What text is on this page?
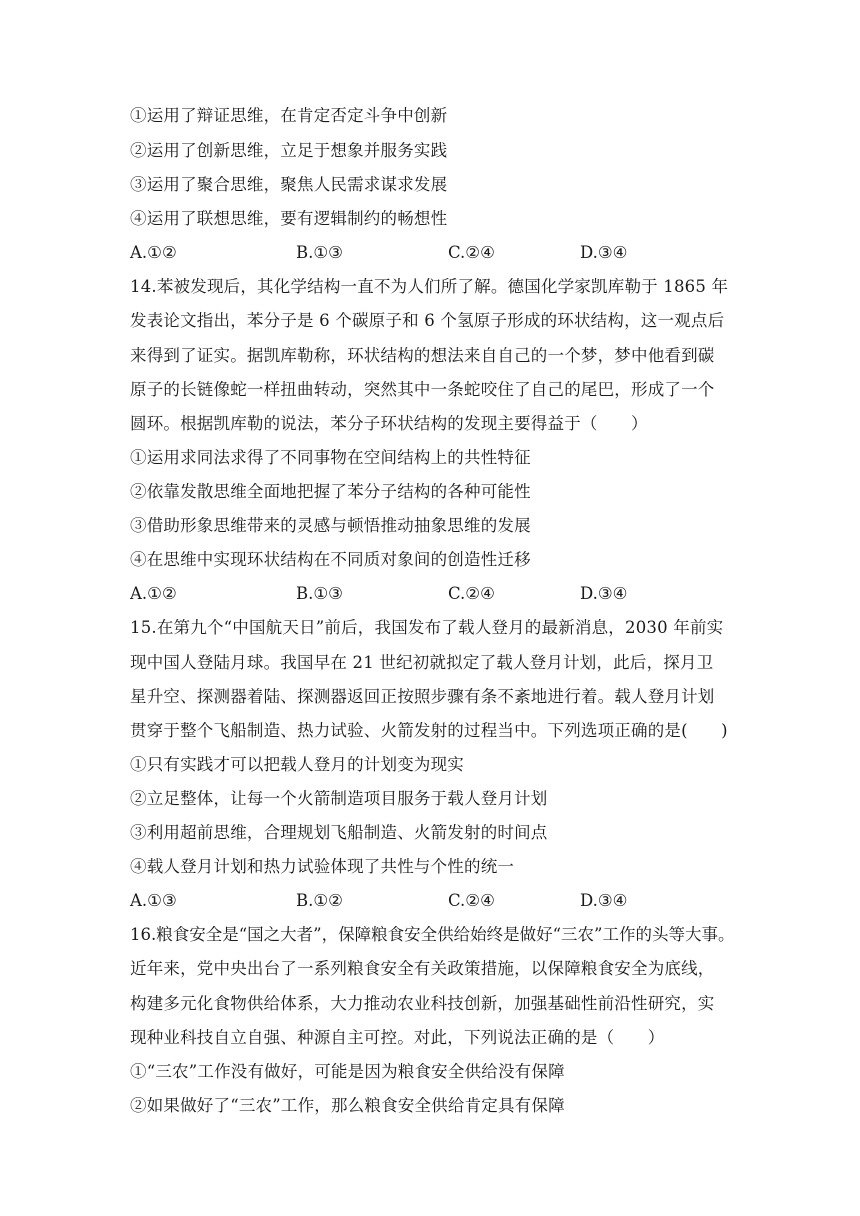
①运用了辩证思维，在肯定否定斗争中创新
②运用了创新思维，立足于想象并服务实践
③运用了聚合思维，聚焦人民需求谋求发展
④运用了联想思维，要有逻辑制约的畅想性
A.①②	B.①③	C.②④	D.③④
14.苯被发现后，其化学结构一直不为人们所了解。德国化学家凯库勒于 1865 年
发表论文指出，苯分子是 6 个碳原子和 6 个氢原子形成的环状结构，这一观点后
来得到了证实。据凯库勒称，环状结构的想法来自自己的一个梦，梦中他看到碳
原子的长链像蛇一样扭曲转动，突然其中一条蛇咬住了自己的尾巴，形成了一个
圆环。根据凯库勒的说法，苯分子环状结构的发现主要得益于（　　）
①运用求同法求得了不同事物在空间结构上的共性特征
②依靠发散思维全面地把握了苯分子结构的各种可能性
③借助形象思维带来的灵感与顿悟推动抽象思维的发展
④在思维中实现环状结构在不同质对象间的创造性迁移
A.①②	B.①③	C.②④	D.③④
15.在第九个“中国航天日”前后，我国发布了载人登月的最新消息，2030 年前实
现中国人登陆月球。我国早在 21 世纪初就拟定了载人登月计划，此后，探月卫
星升空、探测器着陆、探测器返回正按照步骤有条不紊地进行着。载人登月计划
贯穿于整个飞船制造、热力试验、火箭发射的过程当中。下列选项正确的是(　　)
①只有实践才可以把载人登月的计划变为现实
②立足整体，让每一个火箭制造项目服务于载人登月计划
③利用超前思维，合理规划飞船制造、火箭发射的时间点
④载人登月计划和热力试验体现了共性与个性的统一
A.①③	B.①②	C.②④	D.③④
16.粮食安全是“国之大者”，保障粮食安全供给始终是做好“三农”工作的头等大事。
近年来，党中央出台了一系列粮食安全有关政策措施，以保障粮食安全为底线，
构建多元化食物供给体系，大力推动农业科技创新，加强基础性前沿性研究，实
现种业科技自立自强、种源自主可控。对此，下列说法正确的是（　　）
①“三农”工作没有做好，可能是因为粮食安全供给没有保障
②如果做好了“三农”工作，那么粮食安全供给肯定具有保障
